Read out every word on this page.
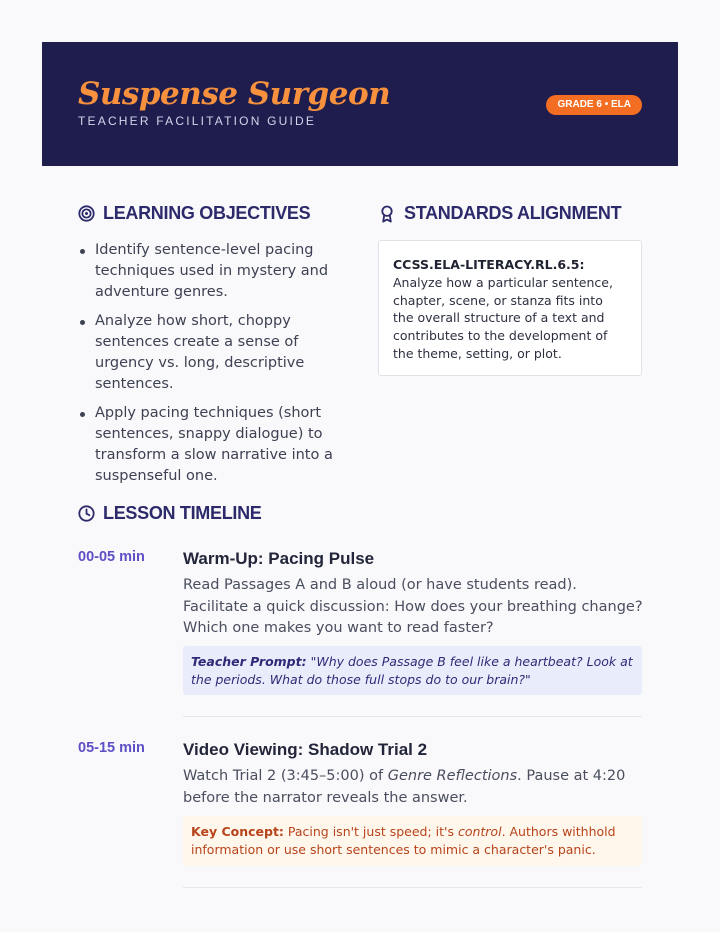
Suspense Surgeon
TEACHER FACILITATION GUIDE
GRADE 6 • ELA
LEARNING OBJECTIVES
Identify sentence-level pacing techniques used in mystery and adventure genres.
Analyze how short, choppy sentences create a sense of urgency vs. long, descriptive sentences.
Apply pacing techniques (short sentences, snappy dialogue) to transform a slow narrative into a suspenseful one.
STANDARDS ALIGNMENT
CCSS.ELA-LITERACY.RL.6.5: Analyze how a particular sentence, chapter, scene, or stanza fits into the overall structure of a text and contributes to the development of the theme, setting, or plot.
LESSON TIMELINE
00-05 min Warm-Up: Pacing Pulse
Read Passages A and B aloud (or have students read). Facilitate a quick discussion: How does your breathing change? Which one makes you want to read faster?
Teacher Prompt: "Why does Passage B feel like a heartbeat? Look at the periods. What do those full stops do to our brain?"
05-15 min Video Viewing: Shadow Trial 2
Watch Trial 2 (3:45–5:00) of Genre Reflections. Pause at 4:20 before the narrator reveals the answer.
Key Concept: Pacing isn't just speed; it's control. Authors withhold information or use short sentences to mimic a character's panic.
